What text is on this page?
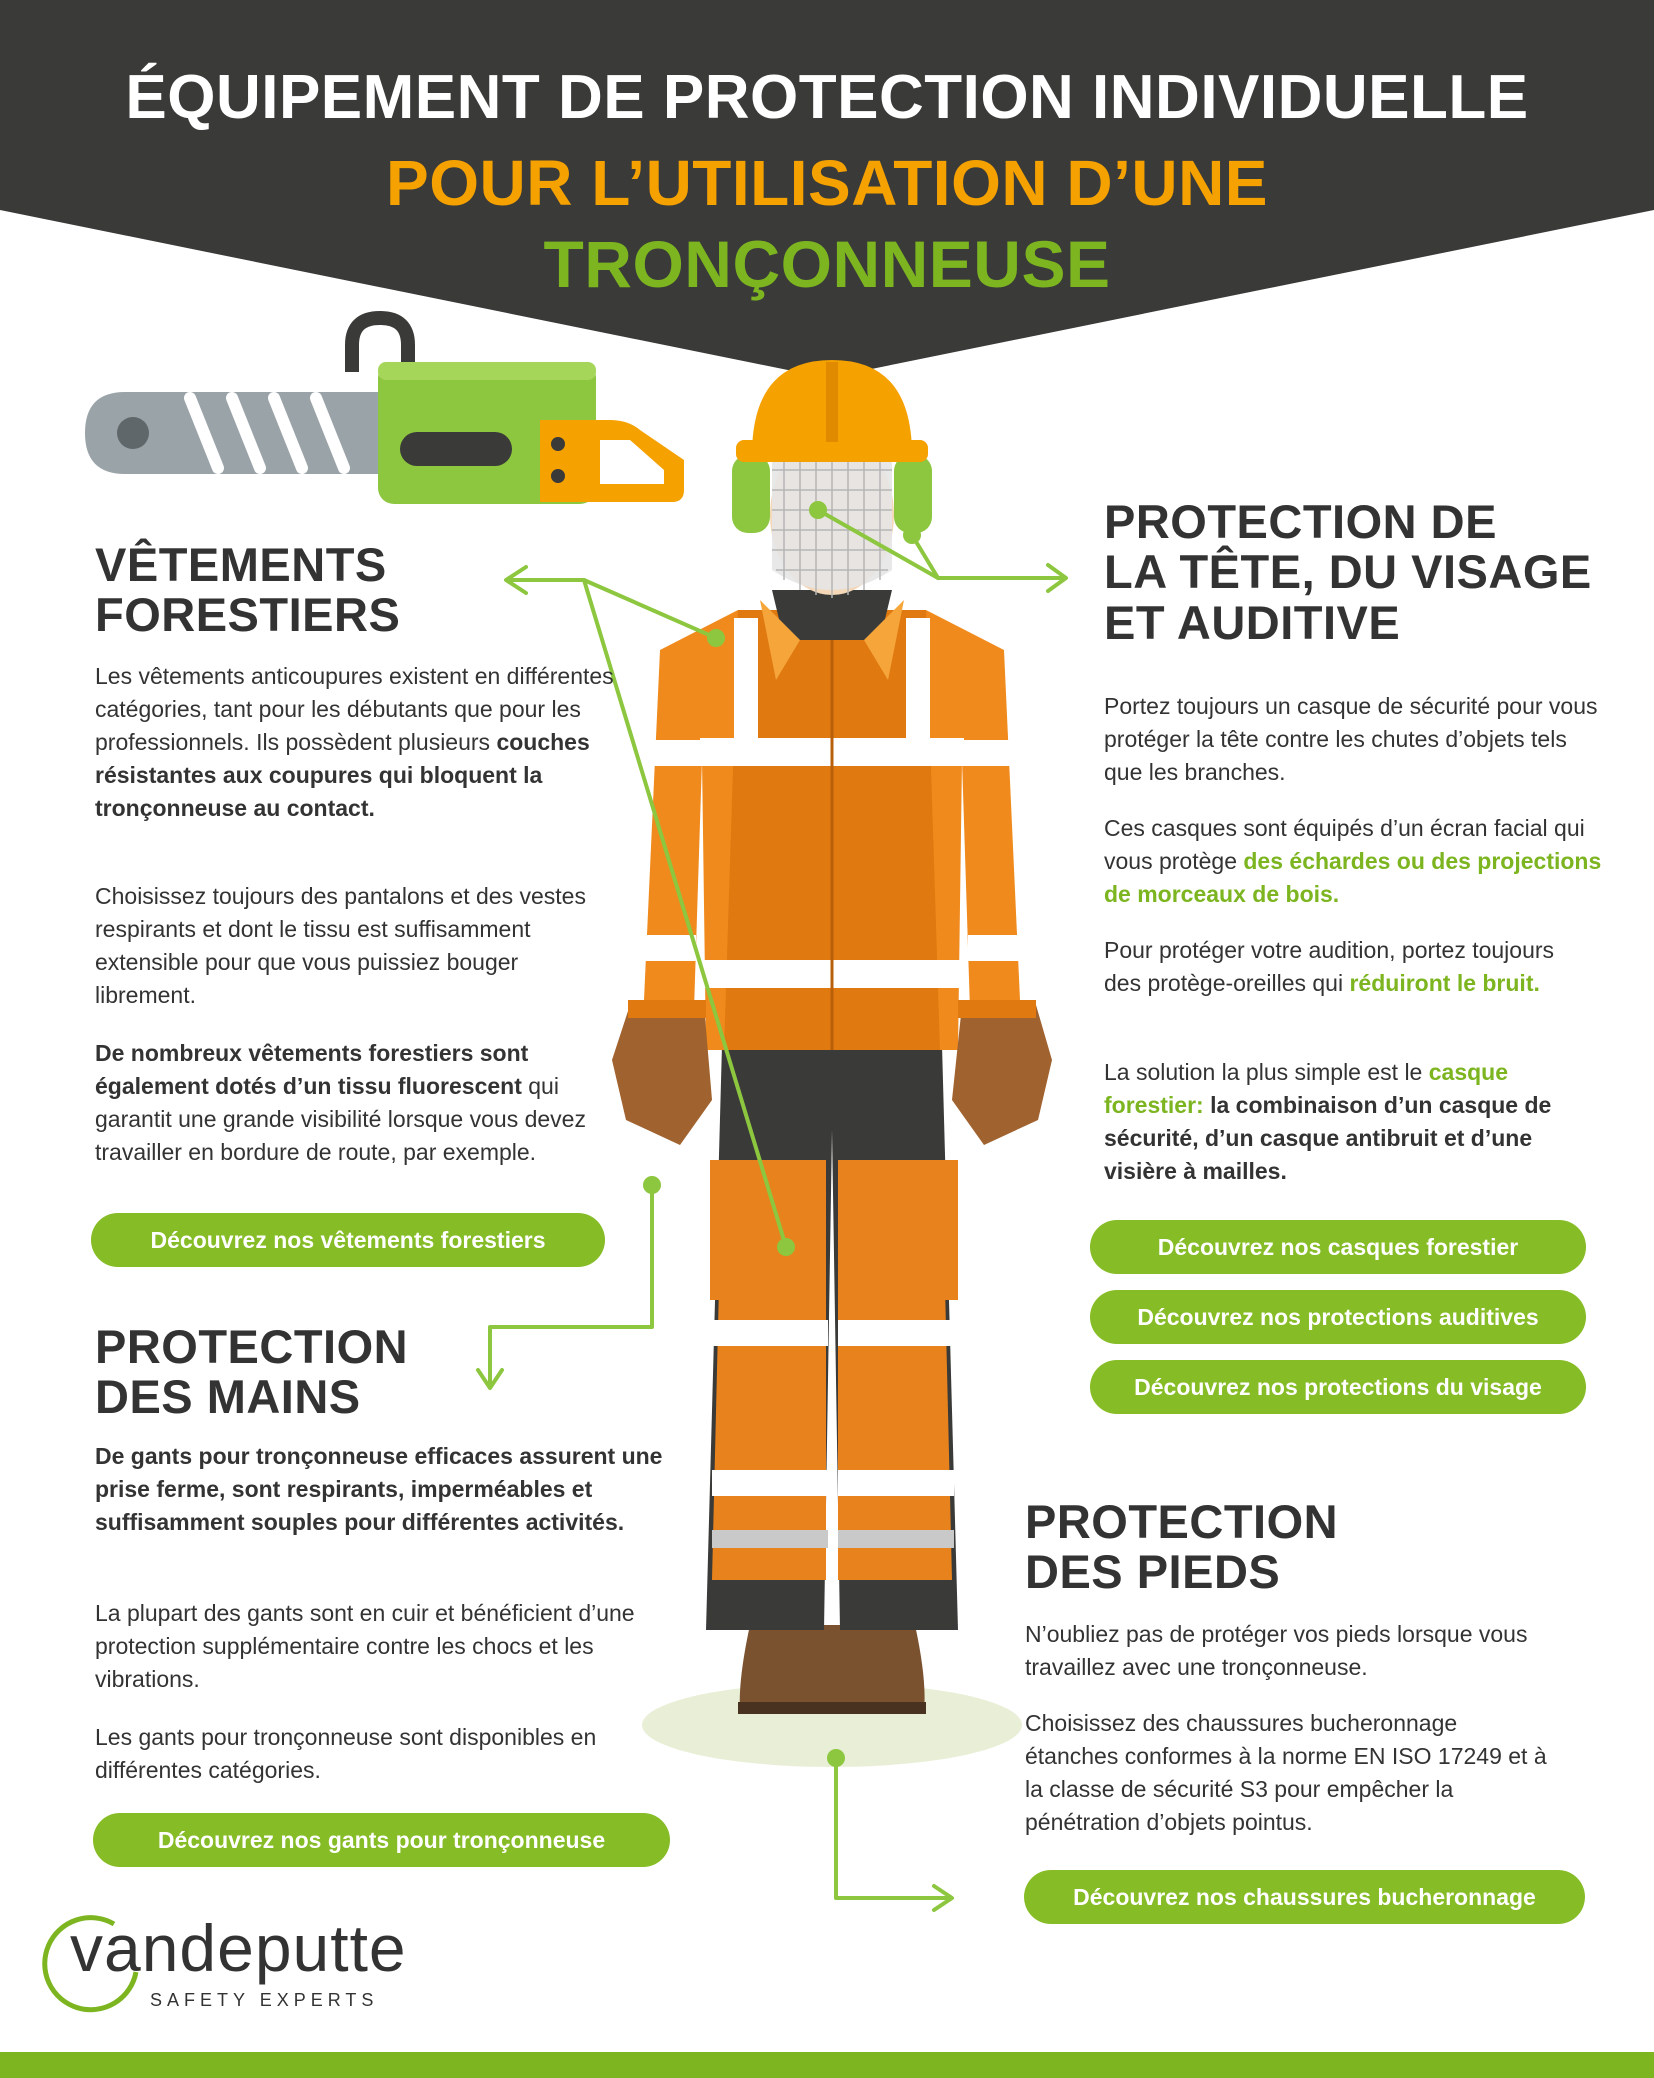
ÉQUIPEMENT DE PROTECTION INDIVIDUELLE
POUR L’UTILISATION D’UNE
TRONÇONNEUSE
VÊTEMENTS
FORESTIERS
Les vêtements anticoupures existent en différentes catégories, tant pour les débutants que pour les professionnels. Ils possèdent plusieurs couches résistantes aux coupures qui bloquent la tronçonneuse au contact.
Choisissez toujours des pantalons et des vestes respirants et dont le tissu est suffisamment extensible pour que vous puissiez bouger librement.
De nombreux vêtements forestiers sont également dotés d’un tissu fluorescent qui garantit une grande visibilité lorsque vous devez travailler en bordure de route, par exemple.
Découvrez nos vêtements forestiers
PROTECTION
DES MAINS
De gants pour tronçonneuse efficaces assurent une prise ferme, sont respirants, imperméables et suffisamment souples pour différentes activités.
La plupart des gants sont en cuir et bénéficient d’une protection supplémentaire contre les chocs et les vibrations.
Les gants pour tronçonneuse sont disponibles en différentes catégories.
Découvrez nos gants pour tronçonneuse
PROTECTION DE
LA TÊTE, DU VISAGE
ET AUDITIVE
Portez toujours un casque de sécurité pour vous protéger la tête contre les chutes d’objets tels que les branches.
Ces casques sont équipés d’un écran facial qui vous protège des échardes ou des projections de morceaux de bois.
Pour protéger votre audition, portez toujours des protège-oreilles qui réduiront le bruit.
La solution la plus simple est le casque forestier: la combinaison d’un casque de sécurité, d’un casque antibruit et d’une visière à mailles.
Découvrez nos casques forestier
Découvrez nos protections auditives
Découvrez nos protections du visage
PROTECTION
DES PIEDS
N’oubliez pas de protéger vos pieds lorsque vous travaillez avec une tronçonneuse.
Choisissez des chaussures bucheronnage étanches conformes à la norme EN ISO 17249 et à la classe de sécurité S3 pour empêcher la pénétration d’objets pointus.
Découvrez nos chaussures bucheronnage
vandeputte
SAFETY EXPERTS
